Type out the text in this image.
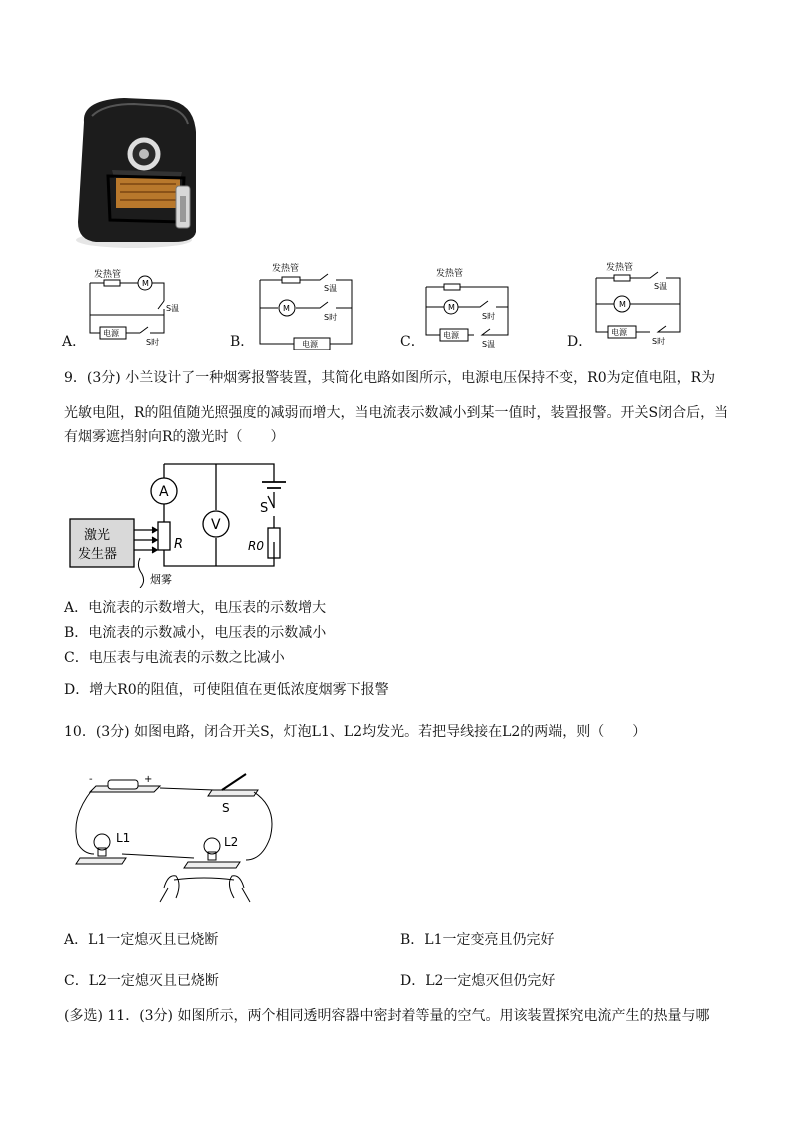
发热管
M
S温
电源
S时
A．
发热管
M
S温
S时
电源
B．
发热管
M
S时
电源
S温
C．
发热管
M
S温
电源
S时
D．
9．(3分) 小兰设计了一种烟雾报警装置，其简化电路如图所示，电源电压保持不变，R0为定值电阻，R为
光敏电阻，R的阻值随光照强度的减弱而增大，当电流表示数减小到某一值时，装置报警。开关S闭合后，当
有烟雾遮挡射向R的激光时（　　）
A
V
S
R	R0
激光
发生器
烟雾
A．电流表的示数增大，电压表的示数增大
B．电流表的示数减小，电压表的示数减小
C．电压表与电流表的示数之比减小
D．增大R0的阻值，可使阻值在更低浓度烟雾下报警
10．(3分) 如图电路，闭合开关S，灯泡L1、L2均发光。若把导线接在L2的两端，则（　　）
-	+
S
L1	L2
A．L1一定熄灭且已烧断	B．L1一定变亮且仍完好
C．L2一定熄灭且已烧断	D．L2一定熄灭但仍完好
(多选) 11．(3分) 如图所示，两个相同透明容器中密封着等量的空气。用该装置探究电流产生的热量与哪
